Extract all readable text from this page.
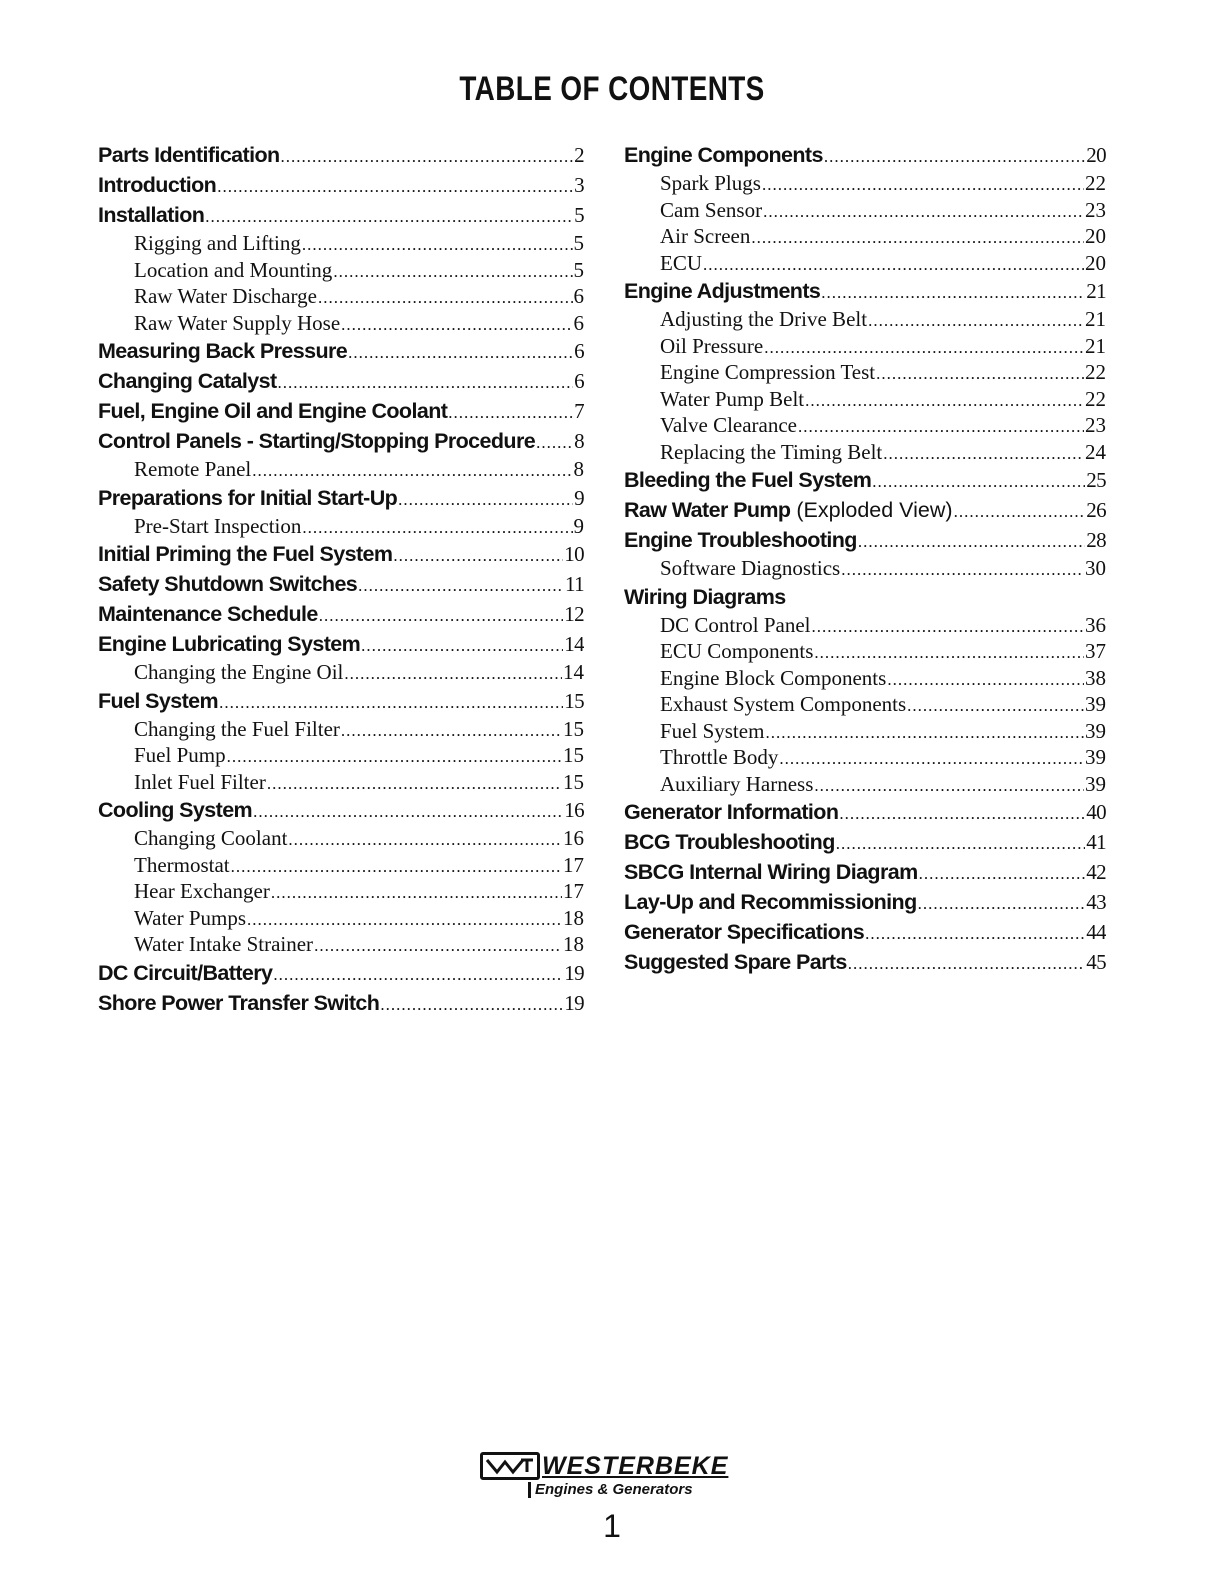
TABLE OF CONTENTS
Parts Identification .....	2
Introduction .....	3
Installation .....	5
Rigging and Lifting .....	5
Location and Mounting .....	5
Raw Water Discharge .....	6
Raw Water Supply Hose .....	6
Measuring Back Pressure .....	6
Changing Catalyst .....	6
Fuel, Engine Oil and Engine Coolant .....	7
Control Panels - Starting/Stopping Procedure ..... 8
Remote Panel .....	8
Preparations for Initial Start-Up .....	9
Pre-Start Inspection .....	9
Initial Priming the Fuel System .....	10
Safety Shutdown Switches .....	11
Maintenance Schedule .....	12
Engine Lubricating System .....	14
Changing the Engine Oil .....	14
Fuel System .....	15
Changing the Fuel Filter .....	15
Fuel Pump .....	15
Inlet Fuel Filter .....	15
Cooling System .....	16
Changing Coolant .....	16
Thermostat .....	17
Hear Exchanger .....	17
Water Pumps .....	18
Water Intake Strainer .....	18
DC Circuit/Battery .....	19
Shore Power Transfer Switch .....	19
Engine Components .....	20
Spark Plugs .....	22
Cam Sensor .....	23
Air Screen .....	20
ECU .....	20
Engine Adjustments .....	21
Adjusting the Drive Belt .....	21
Oil Pressure .....	21
Engine Compression Test .....	22
Water Pump Belt .....	22
Valve Clearance .....	23
Replacing the Timing Belt .....	24
Bleeding the Fuel System .....	25
Raw Water Pump (Exploded View) .....	26
Engine Troubleshooting .....	28
Software Diagnostics .....	30
Wiring Diagrams
DC Control Panel .....	36
ECU Components .....	37
Engine Block Components .....	38
Exhaust System Components .....	39
Fuel System .....	39
Throttle Body .....	39
Auxiliary Harness .....	39
Generator Information .....	40
BCG Troubleshooting .....	41
SBCG Internal Wiring Diagram .....	42
Lay-Up and Recommissioning .....	43
Generator Specifications .....	44
Suggested Spare Parts .....	45
WESTERBEKE
Engines & Generators
1
